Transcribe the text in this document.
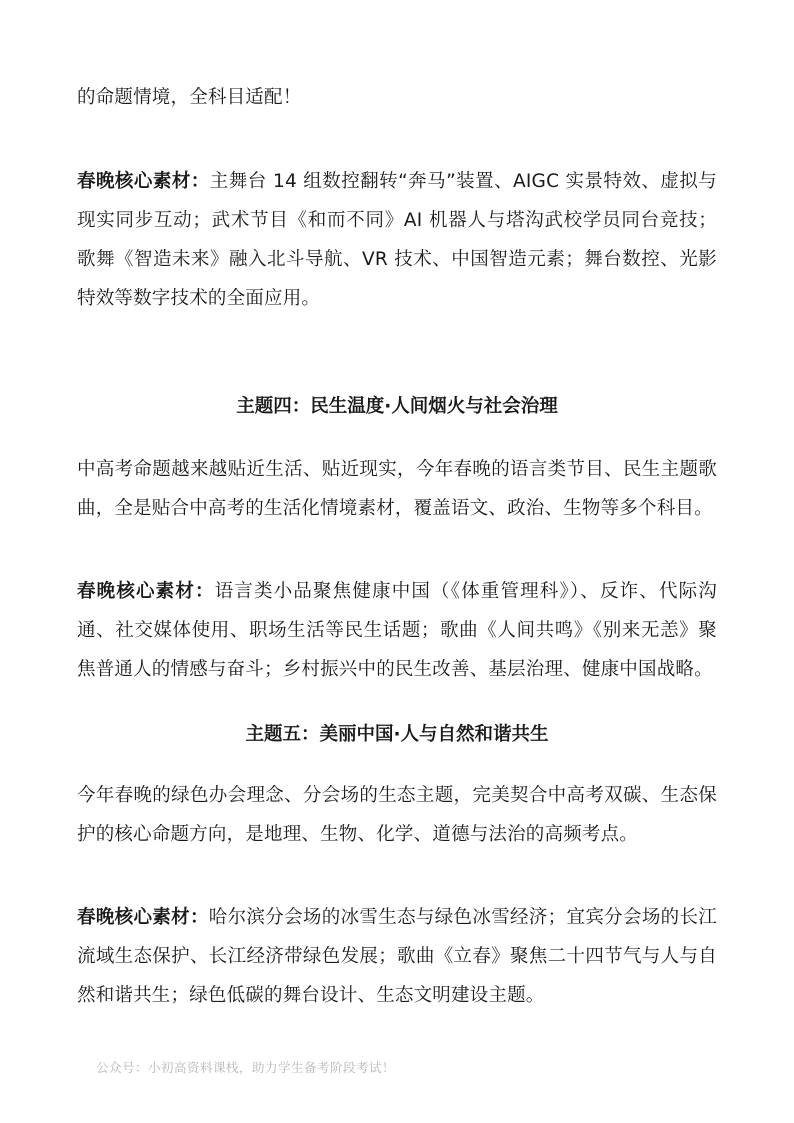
的命题情境，全科目适配！

春晚核心素材：主舞台 14 组数控翻转“奔马”装置、AIGC 实景特效、虚拟与现实同步互动；武术节目《和而不同》AI 机器人与塔沟武校学员同台竞技；歌舞《智造未来》融入北斗导航、VR 技术、中国智造元素；舞台数控、光影特效等数字技术的全面应用。

主题四：民生温度·人间烟火与社会治理

中高考命题越来越贴近生活、贴近现实，今年春晚的语言类节目、民生主题歌曲，全是贴合中高考的生活化情境素材，覆盖语文、政治、生物等多个科目。

春晚核心素材：语言类小品聚焦健康中国（《体重管理科》）、反诈、代际沟通、社交媒体使用、职场生活等民生话题；歌曲《人间共鸣》《别来无恙》聚焦普通人的情感与奋斗；乡村振兴中的民生改善、基层治理、健康中国战略。

主题五：美丽中国·人与自然和谐共生

今年春晚的绿色办会理念、分会场的生态主题，完美契合中高考双碳、生态保护的核心命题方向，是地理、生物、化学、道德与法治的高频考点。

春晚核心素材：哈尔滨分会场的冰雪生态与绿色冰雪经济；宜宾分会场的长江流域生态保护、长江经济带绿色发展；歌曲《立春》聚焦二十四节气与人与自然和谐共生；绿色低碳的舞台设计、生态文明建设主题。

公众号：小初高资料课栈，助力学生备考阶段考试！
